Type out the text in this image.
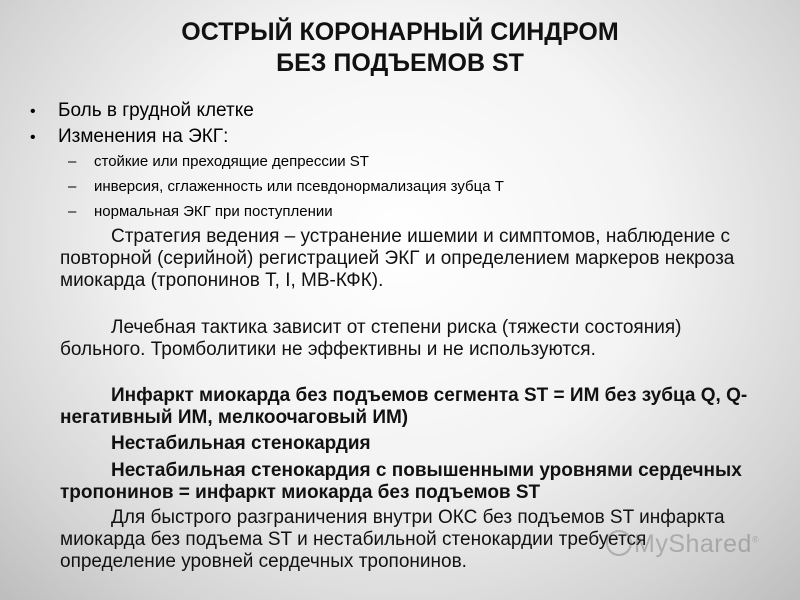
ОСТРЫЙ КОРОНАРНЫЙ СИНДРОМ
БЕЗ ПОДЪЕМОВ ST
• Боль в грудной клетке
• Изменения на ЭКГ:
– стойкие или преходящие депрессии ST
– инверсия, сглаженность или псевдонормализация зубца T
– нормальная ЭКГ при поступлении
Стратегия ведения – устранение ишемии и симптомов, наблюдение с повторной (серийной) регистрацией ЭКГ и определением маркеров некроза миокарда (тропонинов Т, I, МВ-КФК).
Лечебная тактика зависит от степени риска (тяжести состояния) больного. Тромболитики не эффективны и не используются.
Инфаркт миокарда без подъемов сегмента ST = ИМ без зубца Q, Q-негативный ИМ, мелкоочаговый ИМ)
Нестабильная стенокардия
Нестабильная стенокардия с повышенными уровнями сердечных тропонинов = инфаркт миокарда без подъемов ST
Для быстрого разграничения внутри ОКС без подъемов ST инфаркта миокарда без подъема ST и нестабильной стенокардии требуется определение уровней сердечных тропонинов.
MyShared®
